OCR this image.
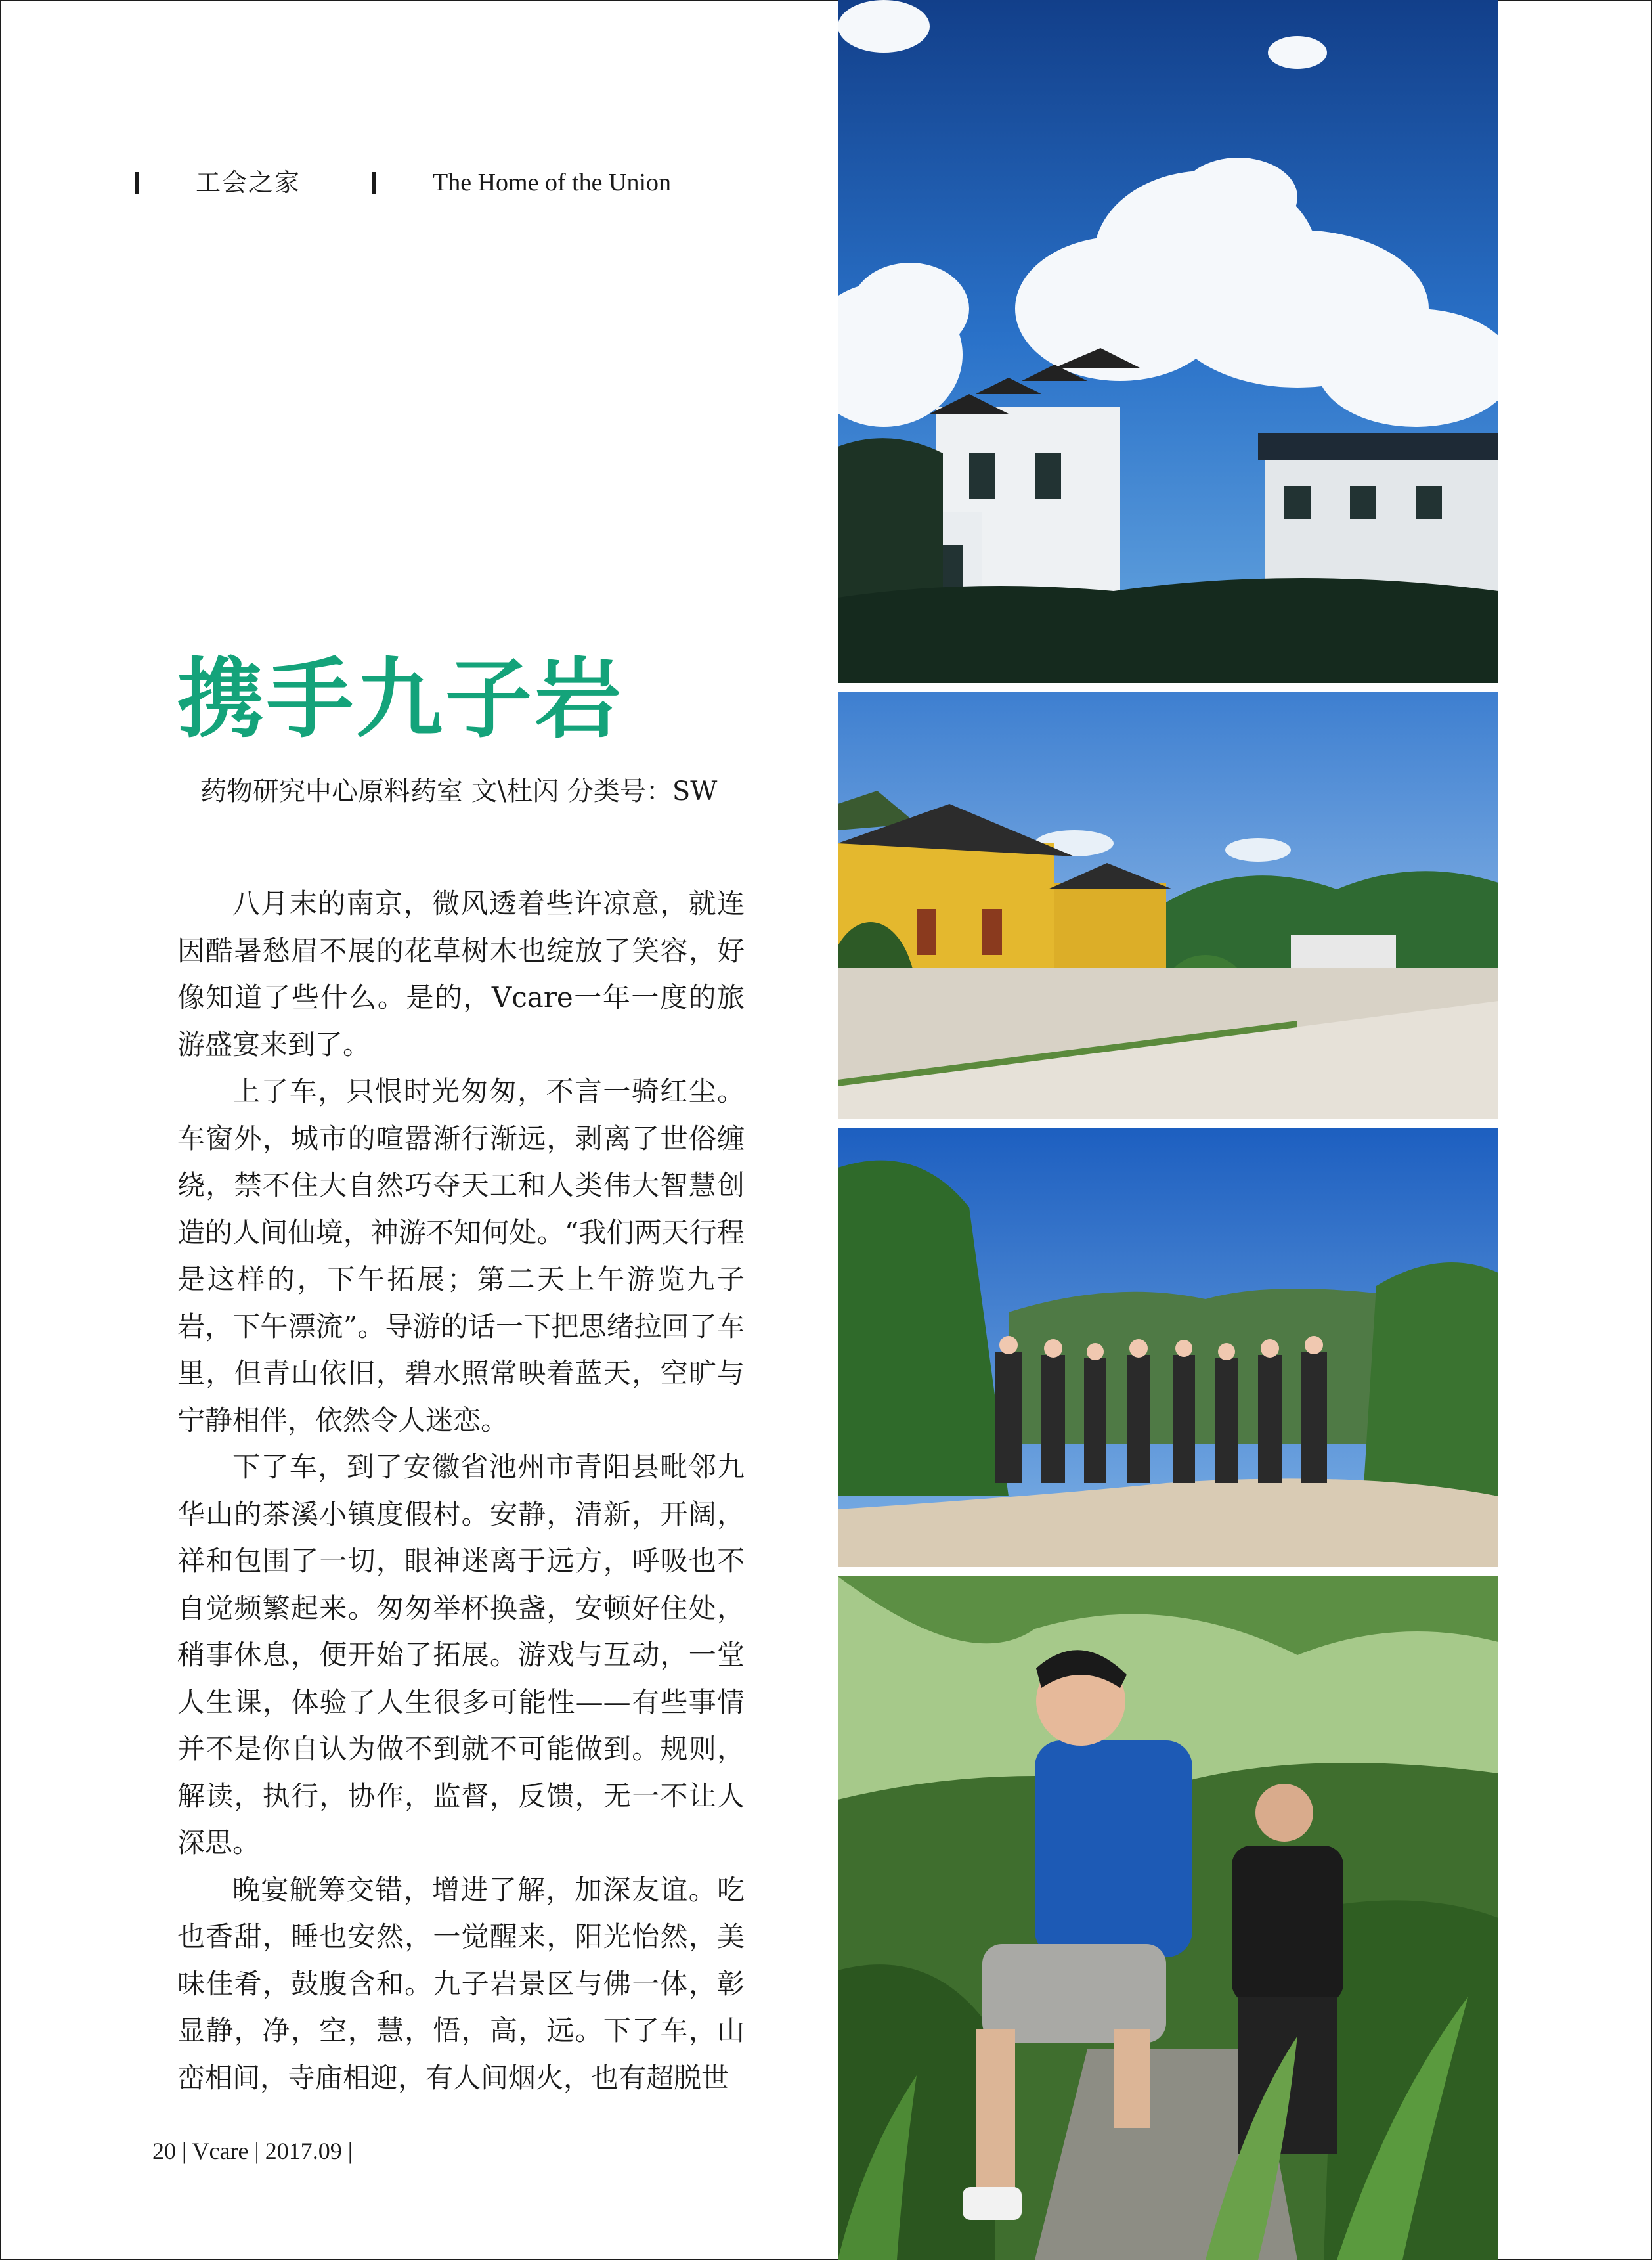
工会之家	The Home of the Union
携手九子岩
药物研究中心原料药室 文\杜闪 分类号：SW

八月末的南京，微风透着些许凉意，就连因酷暑愁眉不展的花草树木也绽放了笑容，好像知道了些什么。是的，Vcare一年一度的旅游盛宴来到了。

上了车，只恨时光匆匆，不言一骑红尘。车窗外，城市的喧嚣渐行渐远，剥离了世俗缠绕，禁不住大自然巧夺天工和人类伟大智慧创造的人间仙境，神游不知何处。“我们两天行程是这样的，下午拓展；第二天上午游览九子岩，下午漂流”。导游的话一下把思绪拉回了车里，但青山依旧，碧水照常映着蓝天，空旷与宁静相伴，依然令人迷恋。

下了车，到了安徽省池州市青阳县毗邻九华山的茶溪小镇度假村。安静，清新，开阔，祥和包围了一切，眼神迷离于远方，呼吸也不自觉频繁起来。匆匆举杯换盏，安顿好住处，稍事休息，便开始了拓展。游戏与互动，一堂人生课，体验了人生很多可能性——有些事情并不是你自认为做不到就不可能做到。规则，解读，执行，协作，监督，反馈，无一不让人深思。

晚宴觥筹交错，增进了解，加深友谊。吃也香甜，睡也安然，一觉醒来，阳光怡然，美味佳肴，鼓腹含和。九子岩景区与佛一体，彰显静，净，空，慧，悟，高，远。下了车，山峦相间，寺庙相迎，有人间烟火，也有超脱世

20 | Vcare | 2017.09 |
